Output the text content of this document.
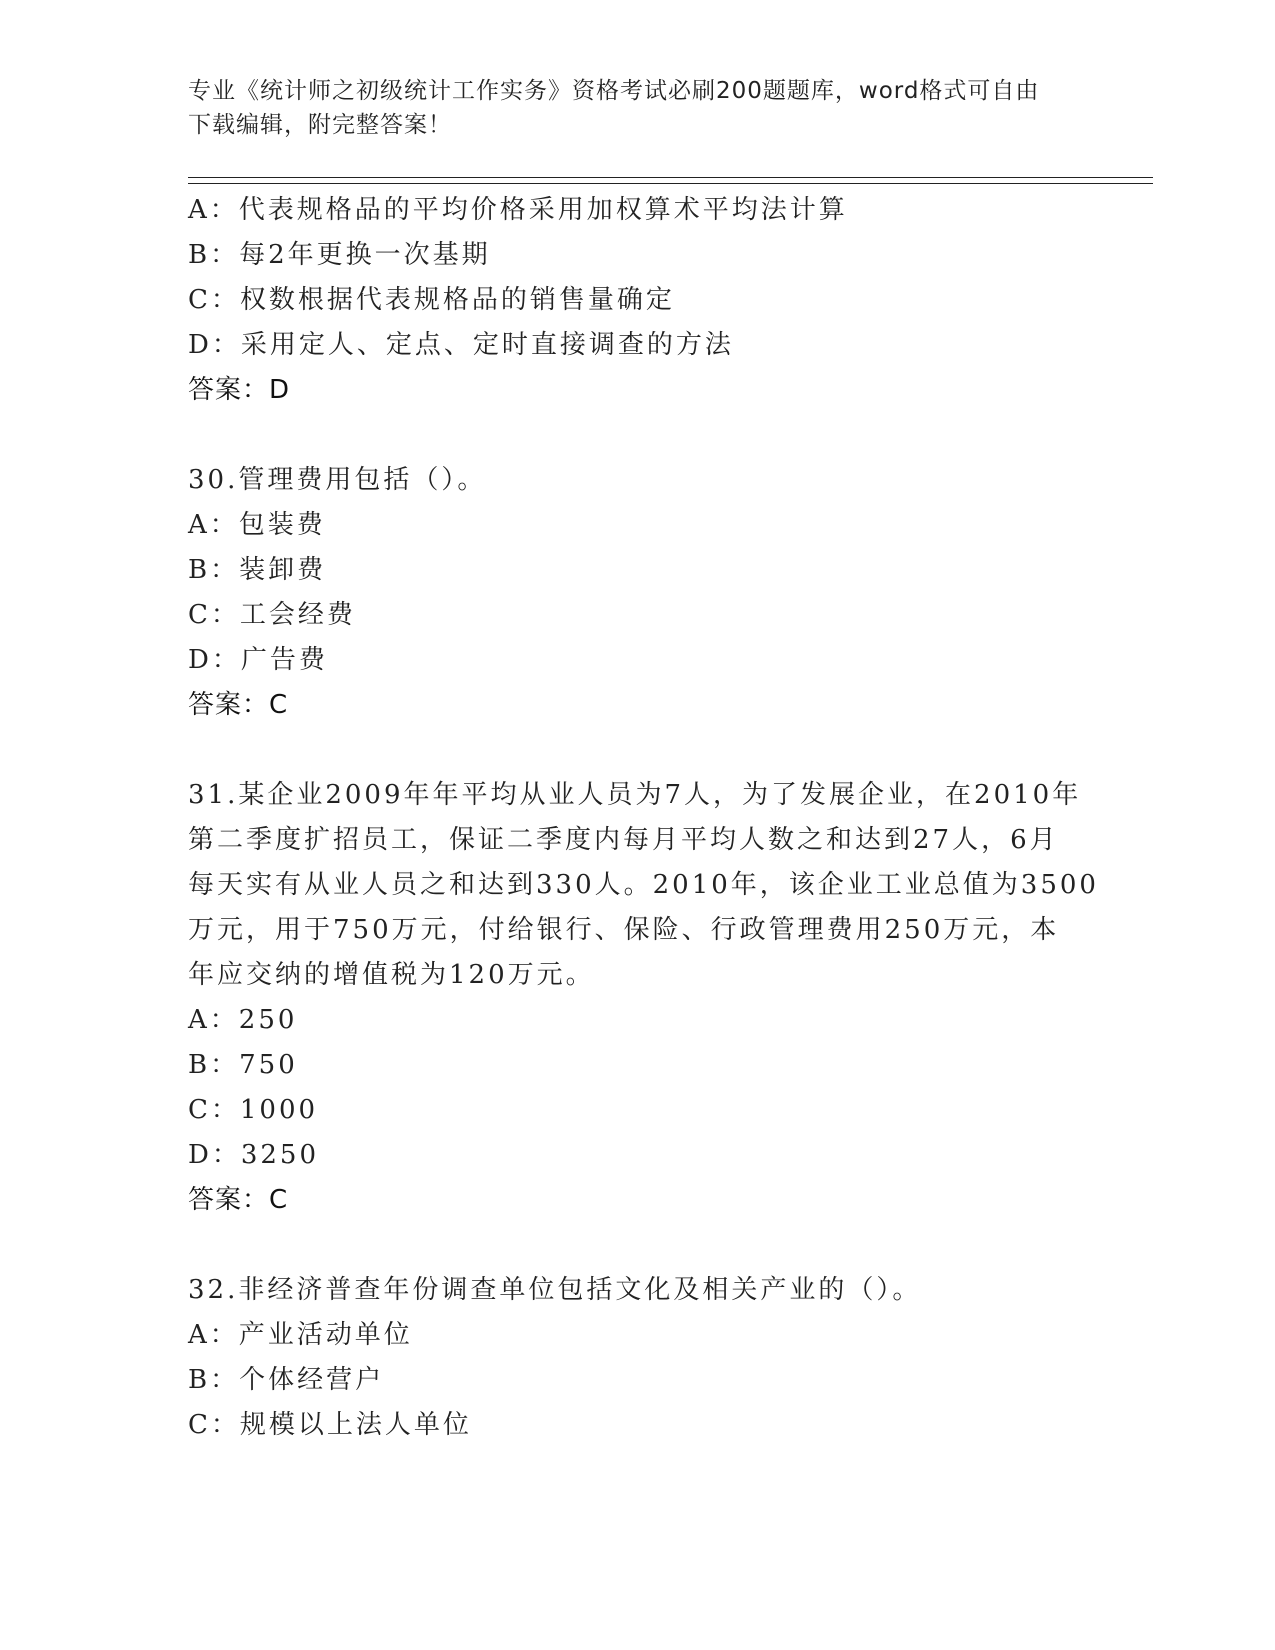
专业《统计师之初级统计工作实务》资格考试必刷200题题库，word格式可自由
下载编辑，附完整答案！
A：代表规格品的平均价格采用加权算术平均法计算
B：每2年更换一次基期
C：权数根据代表规格品的销售量确定
D：采用定人、定点、定时直接调查的方法
答案：D
30.管理费用包括（）。
A：包装费
B：装卸费
C：工会经费
D：广告费
答案：C
31.某企业2009年年平均从业人员为7人，为了发展企业，在2010年
第二季度扩招员工，保证二季度内每月平均人数之和达到27人，6月
每天实有从业人员之和达到330人。2010年，该企业工业总值为3500
万元，用于750万元，付给银行、保险、行政管理费用250万元，本
年应交纳的增值税为120万元。
A：250
B：750
C：1000
D：3250
答案：C
32.非经济普查年份调查单位包括文化及相关产业的（）。
A：产业活动单位
B：个体经营户
C：规模以上法人单位
